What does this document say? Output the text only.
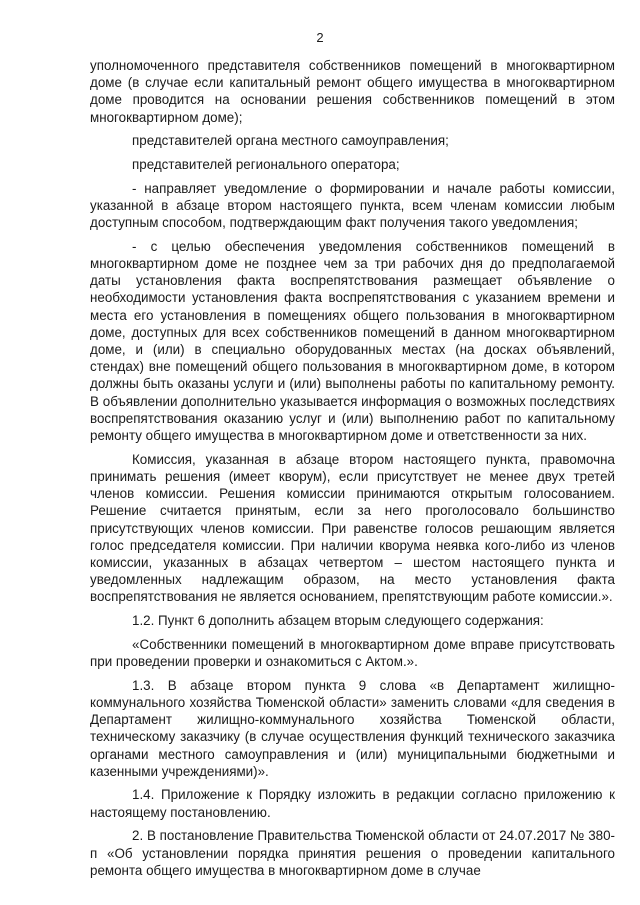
2

уполномоченного представителя собственников помещений в многоквартирном доме (в случае если капитальный ремонт общего имущества в многоквартирном доме проводится на основании решения собственников помещений в этом многоквартирном доме);

представителей органа местного самоуправления;

представителей регионального оператора;

- направляет уведомление о формировании и начале работы комиссии, указанной в абзаце втором настоящего пункта, всем членам комиссии любым доступным способом, подтверждающим факт получения такого уведомления;

- с целью обеспечения уведомления собственников помещений в многоквартирном доме не позднее чем за три рабочих дня до предполагаемой даты установления факта воспрепятствования размещает объявление о необходимости установления факта воспрепятствования с указанием времени и места его установления в помещениях общего пользования в многоквартирном доме, доступных для всех собственников помещений в данном многоквартирном доме, и (или) в специально оборудованных местах (на досках объявлений, стендах) вне помещений общего пользования в многоквартирном доме, в котором должны быть оказаны услуги и (или) выполнены работы по капитальному ремонту. В объявлении дополнительно указывается информация о возможных последствиях воспрепятствования оказанию услуг и (или) выполнению работ по капитальному ремонту общего имущества в многоквартирном доме и ответственности за них.

Комиссия, указанная в абзаце втором настоящего пункта, правомочна принимать решения (имеет кворум), если присутствует не менее двух третей членов комиссии. Решения комиссии принимаются открытым голосованием. Решение считается принятым, если за него проголосовало большинство присутствующих членов комиссии. При равенстве голосов решающим является голос председателя комиссии. При наличии кворума неявка кого-либо из членов комиссии, указанных в абзацах четвертом – шестом настоящего пункта и уведомленных надлежащим образом, на место установления факта воспрепятствования не является основанием, препятствующим работе комиссии.».

1.2. Пункт 6 дополнить абзацем вторым следующего содержания:

«Собственники помещений в многоквартирном доме вправе присутствовать при проведении проверки и ознакомиться с Актом.».

1.3. В абзаце втором пункта 9 слова «в Департамент жилищно-коммунального хозяйства Тюменской области» заменить словами «для сведения в Департамент жилищно-коммунального хозяйства Тюменской области, техническому заказчику (в случае осуществления функций технического заказчика органами местного самоуправления и (или) муниципальными бюджетными и казенными учреждениями)».

1.4. Приложение к Порядку изложить в редакции согласно приложению к настоящему постановлению.

2. В постановление Правительства Тюменской области от 24.07.2017 № 380-п «Об установлении порядка принятия решения о проведении капитального ремонта общего имущества в многоквартирном доме в случае
